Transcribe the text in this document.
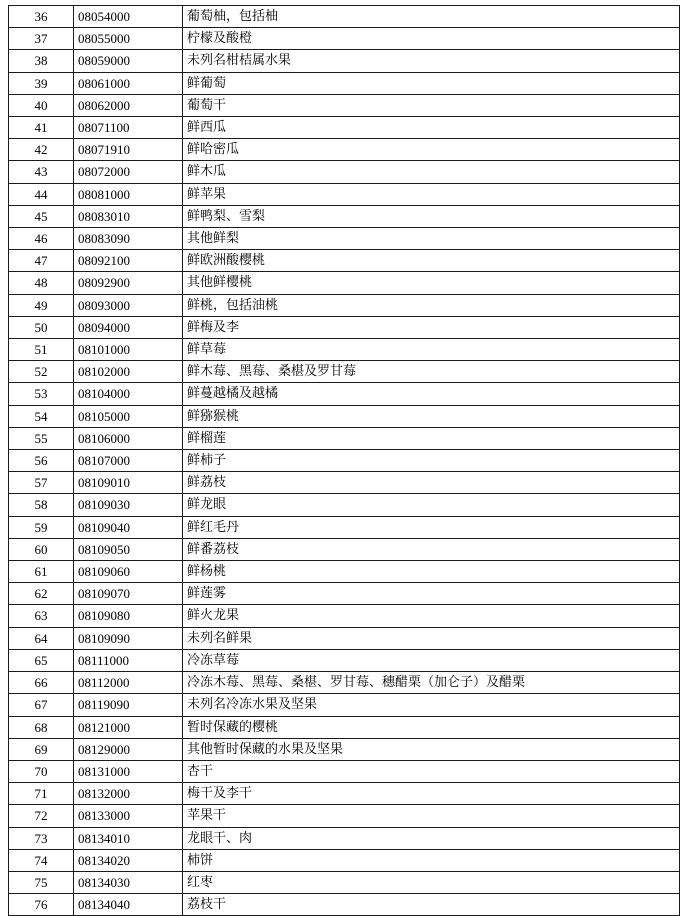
36	08054000	葡萄柚，包括柚
37	08055000	柠檬及酸橙
38	08059000	未列名柑桔属水果
39	08061000	鲜葡萄
40	08062000	葡萄干
41	08071100	鲜西瓜
42	08071910	鲜哈密瓜
43	08072000	鲜木瓜
44	08081000	鲜苹果
45	08083010	鲜鸭梨、雪梨
46	08083090	其他鲜梨
47	08092100	鲜欧洲酸樱桃
48	08092900	其他鲜樱桃
49	08093000	鲜桃，包括油桃
50	08094000	鲜梅及李
51	08101000	鲜草莓
52	08102000	鲜木莓、黑莓、桑椹及罗甘莓
53	08104000	鲜蔓越橘及越橘
54	08105000	鲜猕猴桃
55	08106000	鲜榴莲
56	08107000	鲜柿子
57	08109010	鲜荔枝
58	08109030	鲜龙眼
59	08109040	鲜红毛丹
60	08109050	鲜番荔枝
61	08109060	鲜杨桃
62	08109070	鲜莲雾
63	08109080	鲜火龙果
64	08109090	未列名鲜果
65	08111000	冷冻草莓
66	08112000	冷冻木莓、黑莓、桑椹、罗甘莓、穗醋栗（加仑子）及醋栗
67	08119090	未列名冷冻水果及坚果
68	08121000	暂时保藏的樱桃
69	08129000	其他暂时保藏的水果及坚果
70	08131000	杏干
71	08132000	梅干及李干
72	08133000	苹果干
73	08134010	龙眼干、肉
74	08134020	柿饼
75	08134030	红枣
76	08134040	荔枝干
